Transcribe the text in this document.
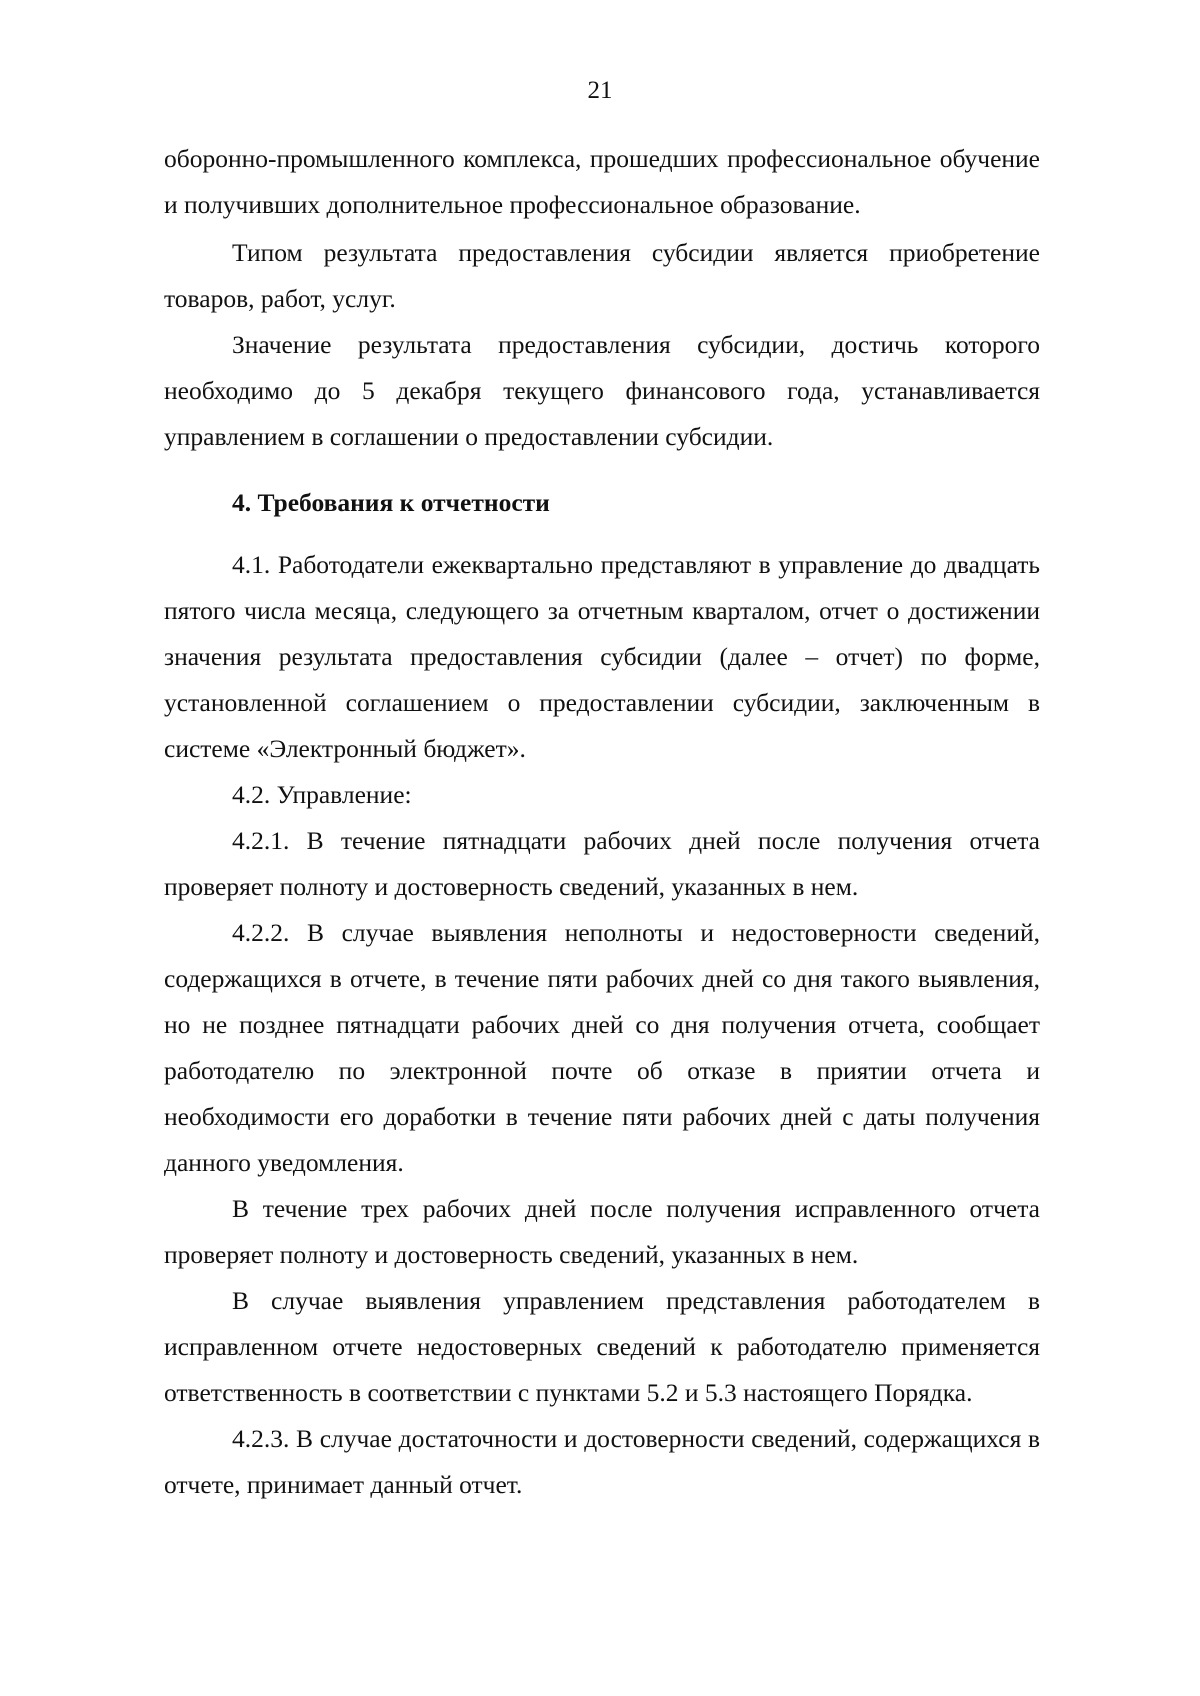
21

оборонно-промышленного комплекса, прошедших профессиональное обучение и получивших дополнительное профессиональное образование.

Типом результата предоставления субсидии является приобретение товаров, работ, услуг.

Значение результата предоставления субсидии, достичь которого необходимо до 5 декабря текущего финансового года, устанавливается управлением в соглашении о предоставлении субсидии.

4. Требования к отчетности

4.1. Работодатели ежеквартально представляют в управление до двадцать пятого числа месяца, следующего за отчетным кварталом, отчет о достижении значения результата предоставления субсидии (далее – отчет) по форме, установленной соглашением о предоставлении субсидии, заключенным в системе «Электронный бюджет».

4.2. Управление:

4.2.1. В течение пятнадцати рабочих дней после получения отчета проверяет полноту и достоверность сведений, указанных в нем.

4.2.2. В случае выявления неполноты и недостоверности сведений, содержащихся в отчете, в течение пяти рабочих дней со дня такого выявления, но не позднее пятнадцати рабочих дней со дня получения отчета, сообщает работодателю по электронной почте об отказе в приятии отчета и необходимости его доработки в течение пяти рабочих дней с даты получения данного уведомления.

В течение трех рабочих дней после получения исправленного отчета проверяет полноту и достоверность сведений, указанных в нем.

В случае выявления управлением представления работодателем в исправленном отчете недостоверных сведений к работодателю применяется ответственность в соответствии с пунктами 5.2 и 5.3 настоящего Порядка.

4.2.3. В случае достаточности и достоверности сведений, содержащихся в отчете, принимает данный отчет.
